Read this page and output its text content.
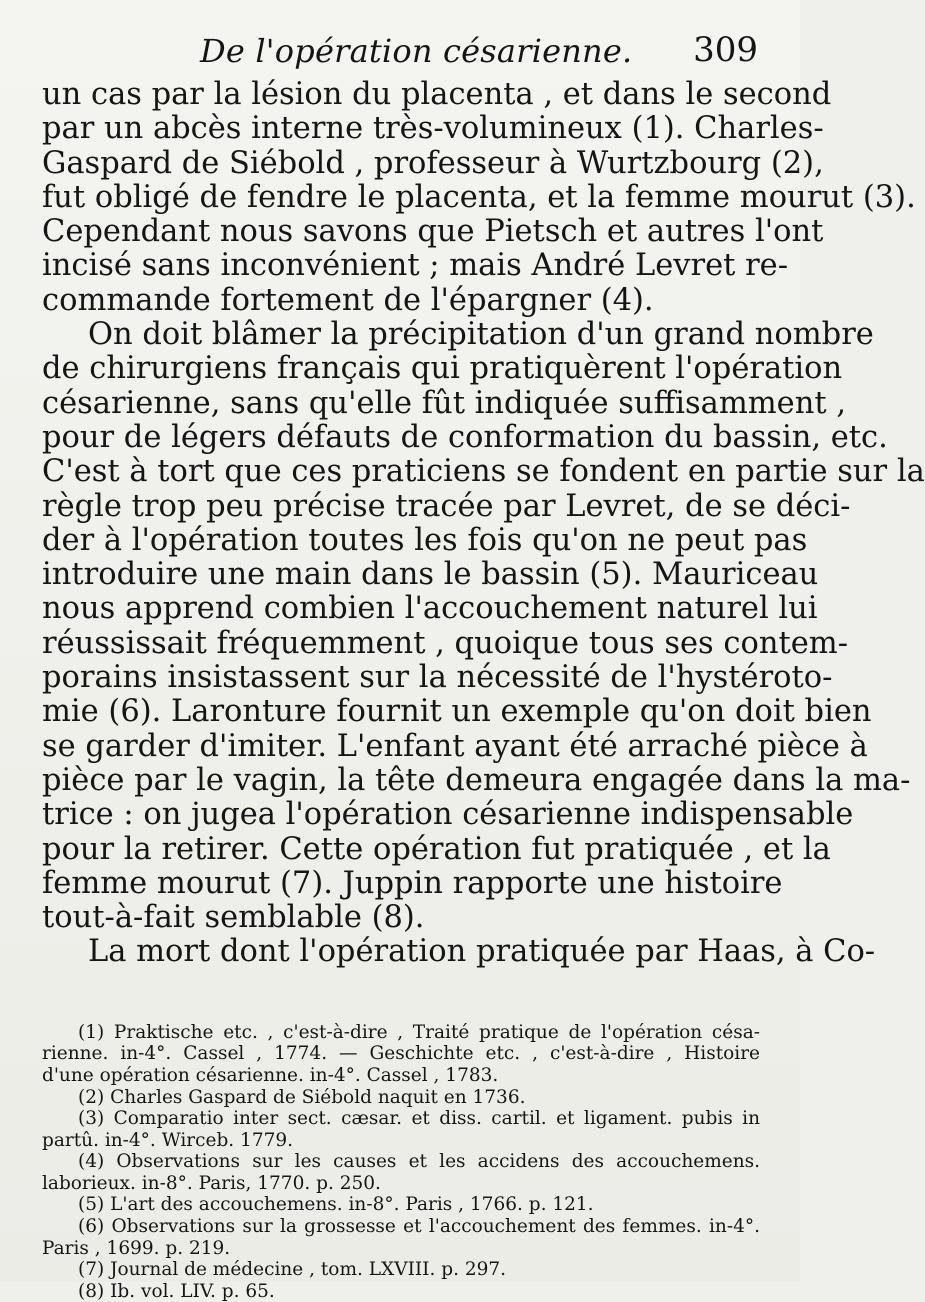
De l'opération césarienne. 309
un cas par la lésion du placenta , et dans le second
par un abcès interne très-volumineux (1). Charles-
Gaspard de Siébold , professeur à Wurtzbourg (2),
fut obligé de fendre le placenta, et la femme mourut (3).
Cependant nous savons que Pietsch et autres l'ont
incisé sans inconvénient ; mais André Levret re-
commande fortement de l'épargner (4).
On doit blâmer la précipitation d'un grand nombre
de chirurgiens français qui pratiquèrent l'opération
césarienne, sans qu'elle fût indiquée suffisamment ,
pour de légers défauts de conformation du bassin, etc.
C'est à tort que ces praticiens se fondent en partie sur la
règle trop peu précise tracée par Levret, de se déci-
der à l'opération toutes les fois qu'on ne peut pas
introduire une main dans le bassin (5). Mauriceau
nous apprend combien l'accouchement naturel lui
réussissait fréquemment , quoique tous ses contem-
porains insistassent sur la nécessité de l'hystéroto-
mie (6). Laronture fournit un exemple qu'on doit bien
se garder d'imiter. L'enfant ayant été arraché pièce à
pièce par le vagin, la tête demeura engagée dans la ma-
trice : on jugea l'opération césarienne indispensable
pour la retirer. Cette opération fut pratiquée , et la
femme mourut (7). Juppin rapporte une histoire
tout-à-fait semblable (8).
La mort dont l'opération pratiquée par Haas, à Co-
(1) Praktische etc. , c'est-à-dire , Traité pratique de l'opération césa-
rienne. in-4°. Cassel , 1774. — Geschichte etc. , c'est-à-dire , Histoire
d'une opération césarienne. in-4°. Cassel , 1783.
(2) Charles Gaspard de Siébold naquit en 1736.
(3) Comparatio inter sect. cæsar. et diss. cartil. et ligament. pubis in
partû. in-4°. Wirceb. 1779.
(4) Observations sur les causes et les accidens des accouchemens.
laborieux. in-8°. Paris, 1770. p. 250.
(5) L'art des accouchemens. in-8°. Paris , 1766. p. 121.
(6) Observations sur la grossesse et l'accouchement des femmes. in-4°.
Paris , 1699. p. 219.
(7) Journal de médecine , tom. LXVIII. p. 297.
(8) Ib. vol. LIV. p. 65.
